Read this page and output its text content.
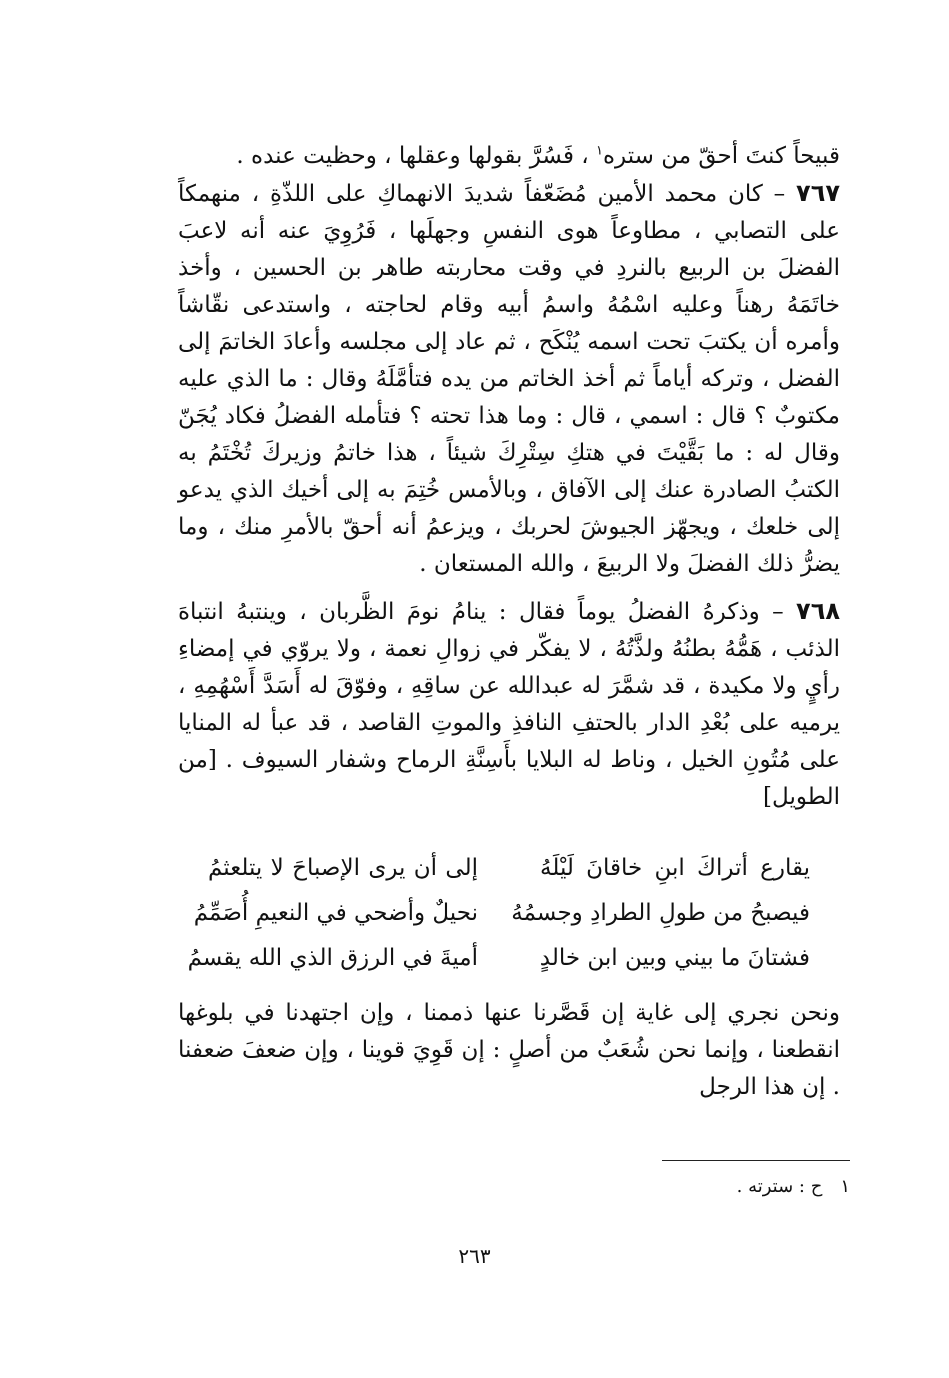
قبيحاً كنتَ أحقّ من ستره$^١$ ، فَسُرَّ بقولها وعقلها ، وحظيت عنده .

٧٦٧ – كان محمد الأمين مُضَعّفاً شديدَ الانهماكِ على اللذّةِ ، منهمكاً على التصابي ، مطاوعاً هوى النفسِ وجهلَها ، فَرُوِيَ عنه أنه لاعبَ الفضلَ بن الربيع بالنردِ في وقت محاربته طاهر بن الحسين ، وأخذ خاتَمَهُ رهناً وعليه اسْمُهُ واسمُ أبيه وقام لحاجته ، واستدعى نقّاشاً وأمره أن يكتبَ تحت اسمه يُنْكَح ، ثم عاد إلى مجلسه وأعادَ الخاتمَ إلى الفضل ، وتركه أياماً ثم أخذ الخاتم من يده فتأمَّلَهُ وقال : ما الذي عليه مكتوبٌ ؟ قال : اسمي ، قال : وما هذا تحته ؟ فتأمله الفضلُ فكاد يُجَنّ وقال له : ما بَقَّيْتَ في هتكِ سِتْرِكَ شيئاً ، هذا خاتمُ وزيركَ تُخْتَمُ به الكتبُ الصادرة عنك إلى الآفاق ، وبالأمس خُتِمَ به إلى أخيك الذي يدعو إلى خلعك ، ويجهّز الجيوشَ لحربك ، ويزعمُ أنه أحقّ بالأمرِ منك ، وما يضرُّ ذلك الفضلَ ولا الربيعَ ، والله المستعان .

٧٦٨ – وذكرهُ الفضلُ يوماً فقال : ينامُ نومَ الظَّربان ، وينتبهُ انتباهَ الذئب ، هَمُّهُ بطنُهُ ولذَّتُهُ ، لا يفكّر في زوالِ نعمة ، ولا يروّي في إمضاءِ رأيٍ ولا مكيدة ، قد شمَّرَ له عبدالله عن ساقِهِ ، وفوّقَ له أَسَدَّ أَسْهُمِهِ ، يرميه على بُعْدِ الدار بالحتفِ النافذِ والموتِ القاصد ، قد عبأ له المنايا على مُتُونِ الخيل ، وناط له البلايا بأَسِنَّةِ الرماح وشفار السيوف . [من الطويل]

يقارع أتراكَ ابنِ خاقانَ لَيْلَهُ
إلى أن يرى الإصباحَ لا يتلعثمُ
فيصبحُ من طولِ الطرادِ وجسمُهُ
نحيلٌ وأضحي في النعيمِ أُصَمِّمُ
فشتانَ ما بيني وبين ابن خالدٍ
أميةَ في الرزق الذي الله يقسمُ

ونحن نجري إلى غاية إن قَصَّرنا عنها ذممنا ، وإن اجتهدنا في بلوغها انقطعنا ، وإنما نحن شُعَبٌ من أصلٍ : إن قَوِيَ قوينا ، وإن ضعفَ ضعفنا . إن هذا الرجل

١ح : سترته .
٢٦٣
